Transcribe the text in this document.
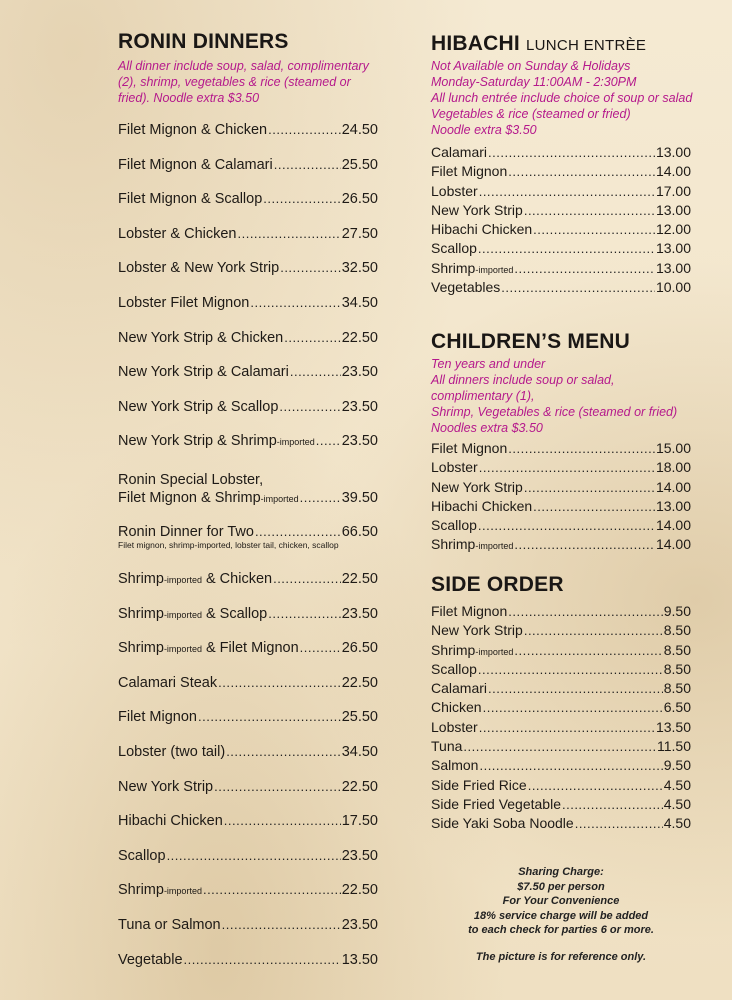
RONIN DINNERS
All dinner include soup, salad, complimentary (2), shrimp, vegetables & rice (steamed or fried). Noodle extra $3.50
Filet Mignon & Chicken .....	24.50
Filet Mignon & Calamari .....	25.50
Filet Mignon & Scallop .....	26.50
Lobster & Chicken .....	27.50
Lobster & New York Strip .....	32.50
Lobster Filet Mignon .....	34.50
New York Strip & Chicken .....	22.50
New York Strip & Calamari .....	23.50
New York Strip & Scallop .....	23.50
New York Strip & Shrimp-imported ..... 23.50
Ronin Special Lobster,
Filet Mignon & Shrimp-imported .....	39.50
Ronin Dinner for Two .....	66.50
Filet mignon, shrimp-imported, lobster tail, chicken, scallop
Shrimp-imported & Chicken .....	22.50
Shrimp-imported & Scallop .....	23.50
Shrimp-imported & Filet Mignon .....	26.50
Calamari Steak .....	22.50
Filet Mignon .....	25.50
Lobster (two tail) .....	34.50
New York Strip .....	22.50
Hibachi Chicken .....	17.50
Scallop .....	23.50
Shrimp-imported .....	22.50
Tuna or Salmon .....	23.50
Vegetable .....	13.50
HIBACHI LUNCH ENTRÈE
Not Available on Sunday & Holidays
Monday-Saturday 11:00AM - 2:30PM
All lunch entrée include choice of soup or salad
Vegetables & rice (steamed or fried)
Noodle extra $3.50
Calamari .....	13.00
Filet Mignon .....	14.00
Lobster .....	17.00
New York Strip .....	13.00
Hibachi Chicken .....	12.00
Scallop .....	13.00
Shrimp-imported .....	13.00
Vegetables .....	10.00
CHILDREN’S MENU
Ten years and under
All dinners include soup or salad, complimentary (1),
Shrimp, Vegetables & rice (steamed or fried)
Noodles extra $3.50
Filet Mignon .....	15.00
Lobster .....	18.00
New York Strip .....	14.00
Hibachi Chicken .....	13.00
Scallop .....	14.00
Shrimp-imported .....	14.00
SIDE ORDER
Filet Mignon .....	9.50
New York Strip .....	8.50
Shrimp-imported .....	8.50
Scallop .....	8.50
Calamari .....	8.50
Chicken .....	6.50
Lobster .....	13.50
Tuna .....	11.50
Salmon .....	9.50
Side Fried Rice .....	4.50
Side Fried Vegetable .....	4.50
Side Yaki Soba Noodle .....	4.50
Sharing Charge:
$7.50 per person
For Your Convenience
18% service charge will be added
to each check for parties 6 or more.
The picture is for reference only.
